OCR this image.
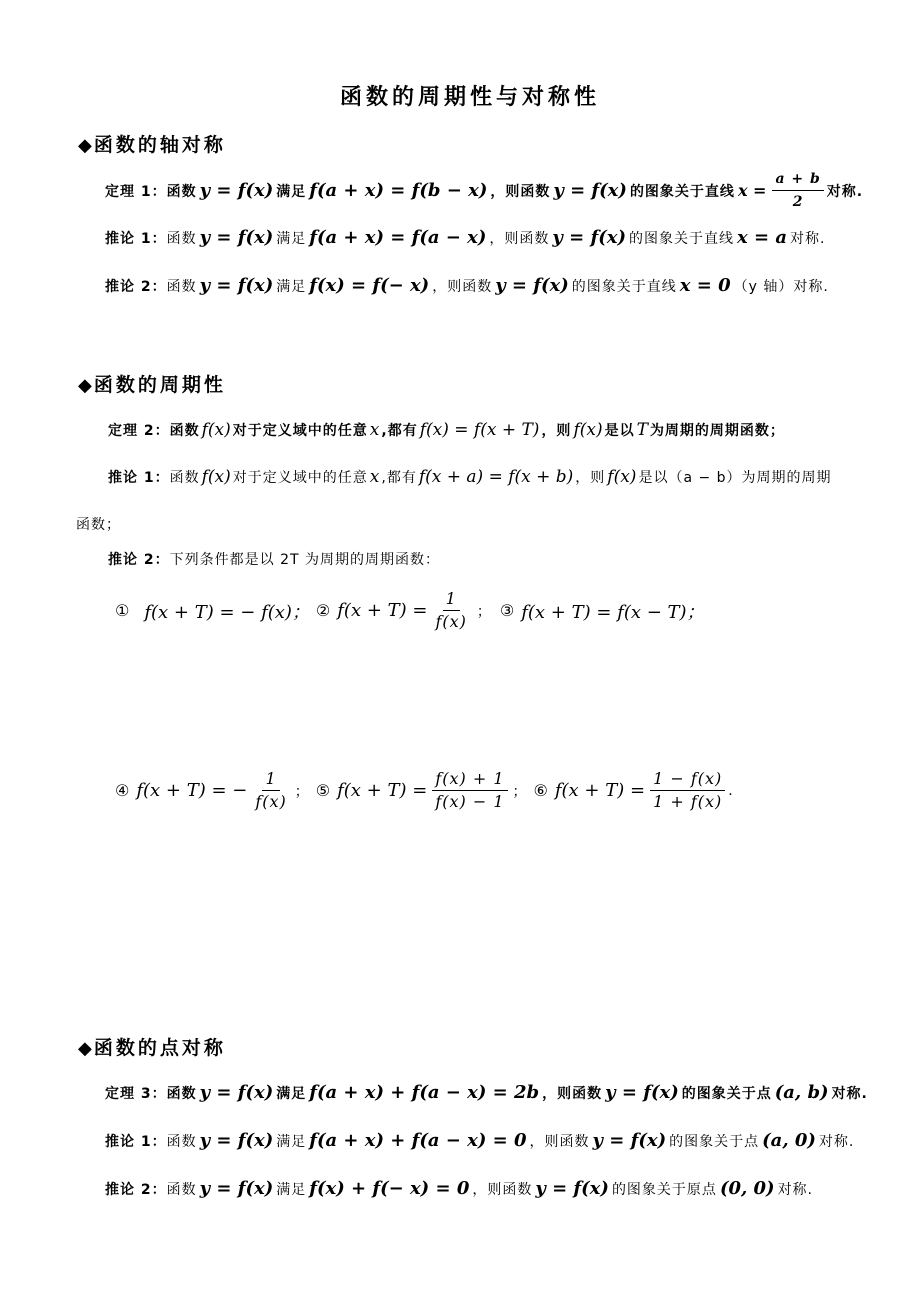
函数的周期性与对称性
◆ 函数的轴对称
定理 1： 函数 y = f(x) 满足 f(a + x) = f(b − x) ，则函数 y = f(x) 的图象关于直线 $x = \frac{a + b}{2}$ 对称.
推论 1： 函数 y = f(x) 满足 f(a + x) = f(a − x) ，则函数 y = f(x) 的图象关于直线 x = a 对称.
推论 2： 函数 y = f(x) 满足 f(x) = f(− x) ，则函数 y = f(x) 的图象关于直线 x = 0 （y 轴）对称.
◆ 函数的周期性
定理 2： 函数 f(x) 对于定义域中的任意 x ,都有 f(x) = f(x + T) ，则 f(x) 是以 T 为周期的周期函数；
推论 1： 函数 f(x) 对于定义域中的任意 x ,都有 f(x + a) = f(x + b) ，则 f(x) 是以（a − b）为周期的周期
函数；
推论 2： 下列条件都是以 2T 为周期的周期函数：
① f(x + T) = − f(x)； ② $f(x + T) = \frac{1}{f(x)}$ ； ③ f(x + T) = f(x − T)；
④ f(x + T) = − $\frac{1}{f(x)}$ ； ⑤ $f(x + T) = \frac{f(x) + 1}{f(x) - 1}$ ； ⑥ $f(x + T) = \frac{1 - f(x)}{1 + f(x)}$ .
◆ 函数的点对称
定理 3： 函数 y = f(x) 满足 f(a + x) + f(a − x) = 2b ，则函数 y = f(x) 的图象关于点 (a, b) 对称.
推论 1： 函数 y = f(x) 满足 f(a + x) + f(a − x) = 0 ，则函数 y = f(x) 的图象关于点 (a, 0) 对称.
推论 2： 函数 y = f(x) 满足 f(x) + f(− x) = 0 ，则函数 y = f(x) 的图象关于原点 (0, 0) 对称.
